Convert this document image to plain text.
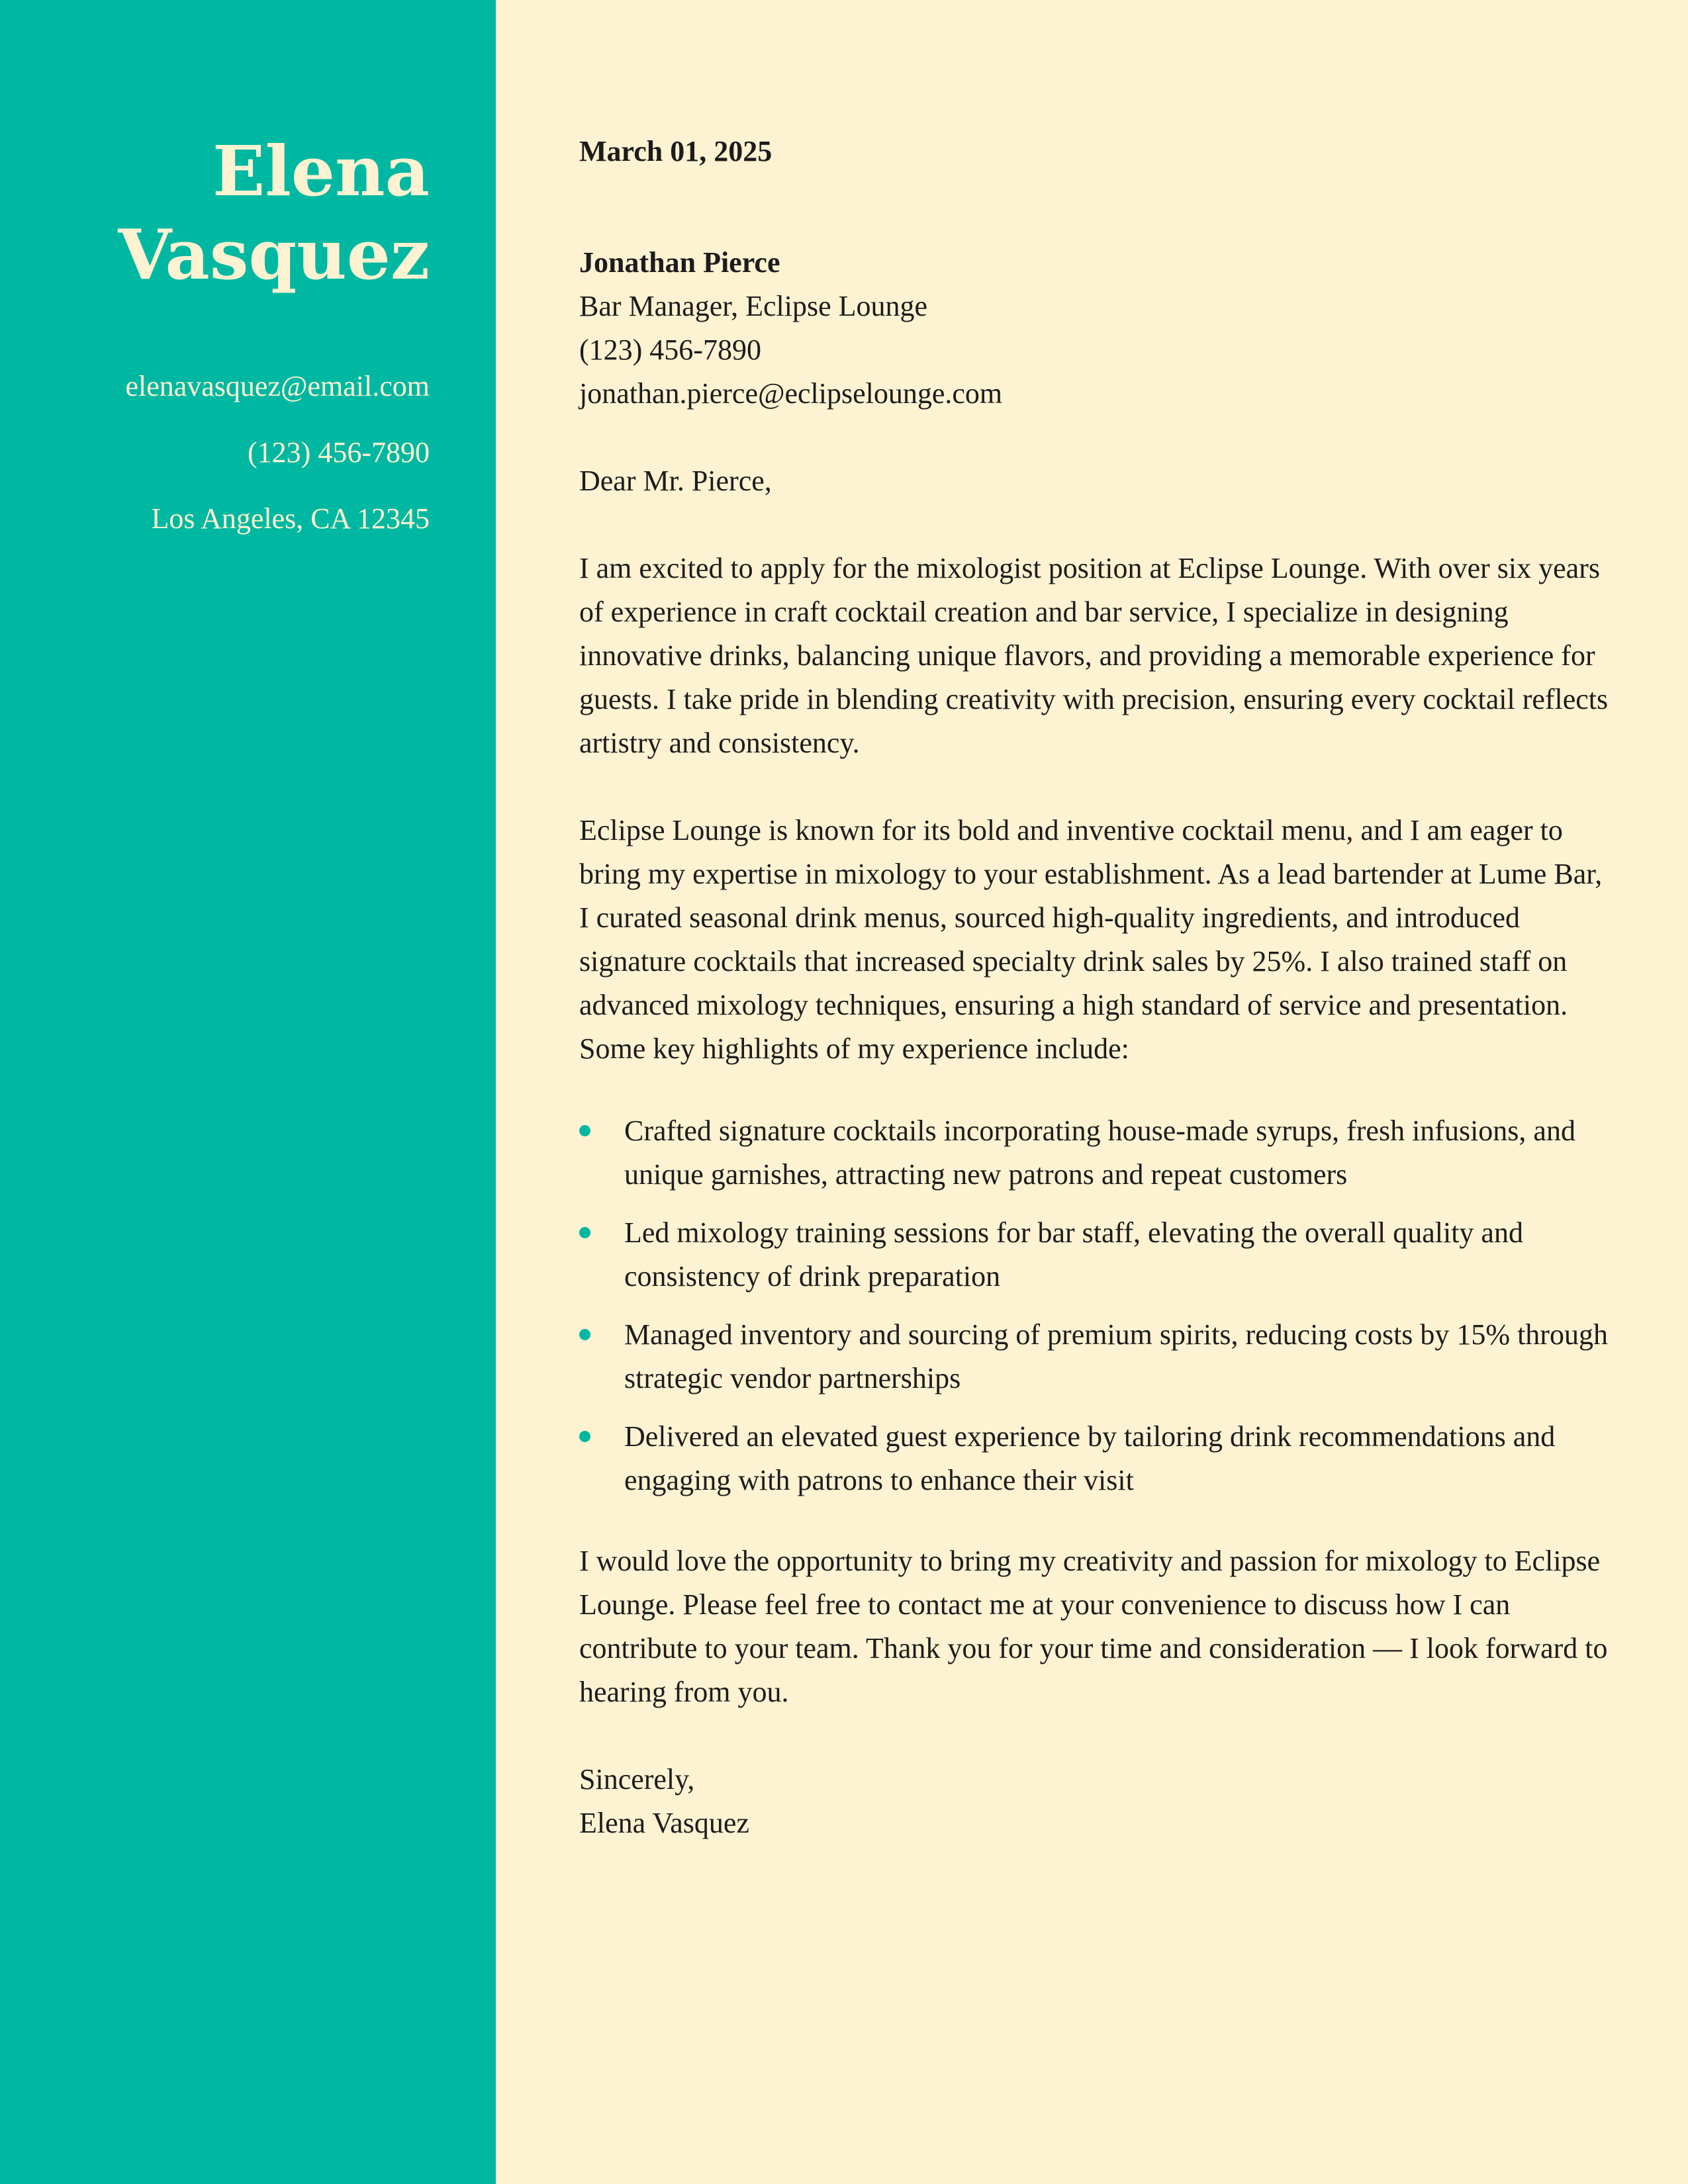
Elena
Vasquez
elenavasquez@email.com
(123) 456-7890
Los Angeles, CA 12345
March 01, 2025
Jonathan Pierce
Bar Manager, Eclipse Lounge
(123) 456-7890
jonathan.pierce@eclipselounge.com
Dear Mr. Pierce,

I am excited to apply for the mixologist position at Eclipse Lounge. With over six years of experience in craft cocktail creation and bar service, I specialize in designing innovative drinks, balancing unique flavors, and providing a memorable experience for guests. I take pride in blending creativity with precision, ensuring every cocktail reflects artistry and consistency.

Eclipse Lounge is known for its bold and inventive cocktail menu, and I am eager to bring my expertise in mixology to your establishment. As a lead bartender at Lume Bar, I curated seasonal drink menus, sourced high-quality ingredients, and introduced signature cocktails that increased specialty drink sales by 25%. I also trained staff on advanced mixology techniques, ensuring a high standard of service and presentation. Some key highlights of my experience include:

Crafted signature cocktails incorporating house-made syrups, fresh infusions, and unique garnishes, attracting new patrons and repeat customers
Led mixology training sessions for bar staff, elevating the overall quality and consistency of drink preparation
Managed inventory and sourcing of premium spirits, reducing costs by 15% through strategic vendor partnerships
Delivered an elevated guest experience by tailoring drink recommendations and engaging with patrons to enhance their visit

I would love the opportunity to bring my creativity and passion for mixology to Eclipse Lounge. Please feel free to contact me at your convenience to discuss how I can contribute to your team. Thank you for your time and consideration — I look forward to hearing from you.

Sincerely,
Elena Vasquez
